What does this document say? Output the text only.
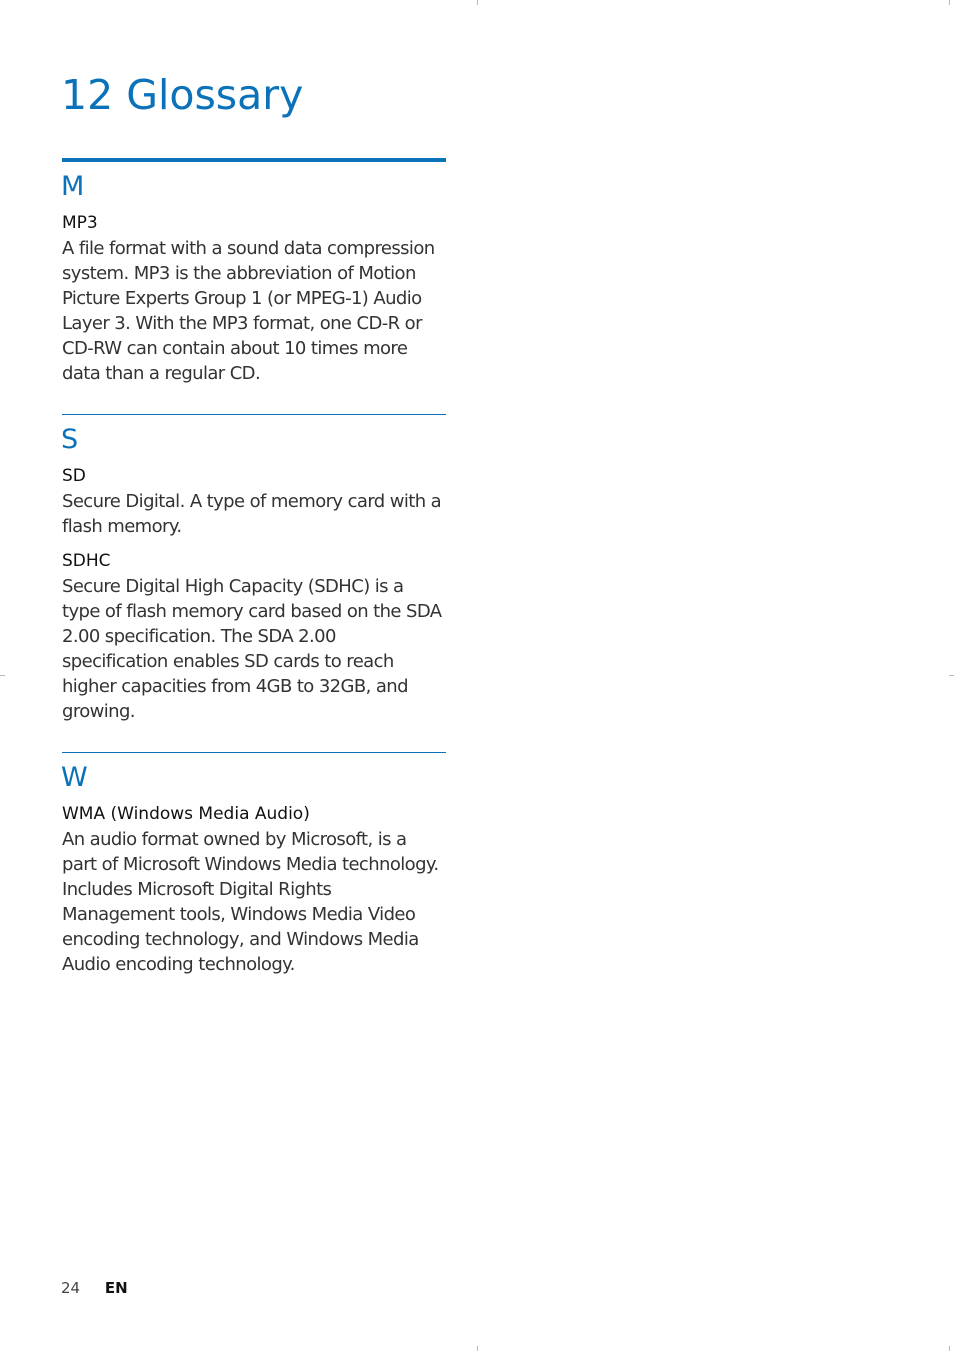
12 Glossary
M
MP3

A file format with a sound data compression system. MP3 is the abbreviation of Motion Picture Experts Group 1 (or MPEG-1) Audio Layer 3. With the MP3 format, one CD-R or CD-RW can contain about 10 times more data than a regular CD.

S
SD

Secure Digital. A type of memory card with a flash memory.

SDHC

Secure Digital High Capacity (SDHC) is a type of flash memory card based on the SDA 2.00 specification. The SDA 2.00 specification enables SD cards to reach higher capacities from 4GB to 32GB, and growing.

W
WMA (Windows Media Audio)

An audio format owned by Microsoft, is a part of Microsoft Windows Media technology. Includes Microsoft Digital Rights Management tools, Windows Media Video encoding technology, and Windows Media Audio encoding technology.

24 EN
